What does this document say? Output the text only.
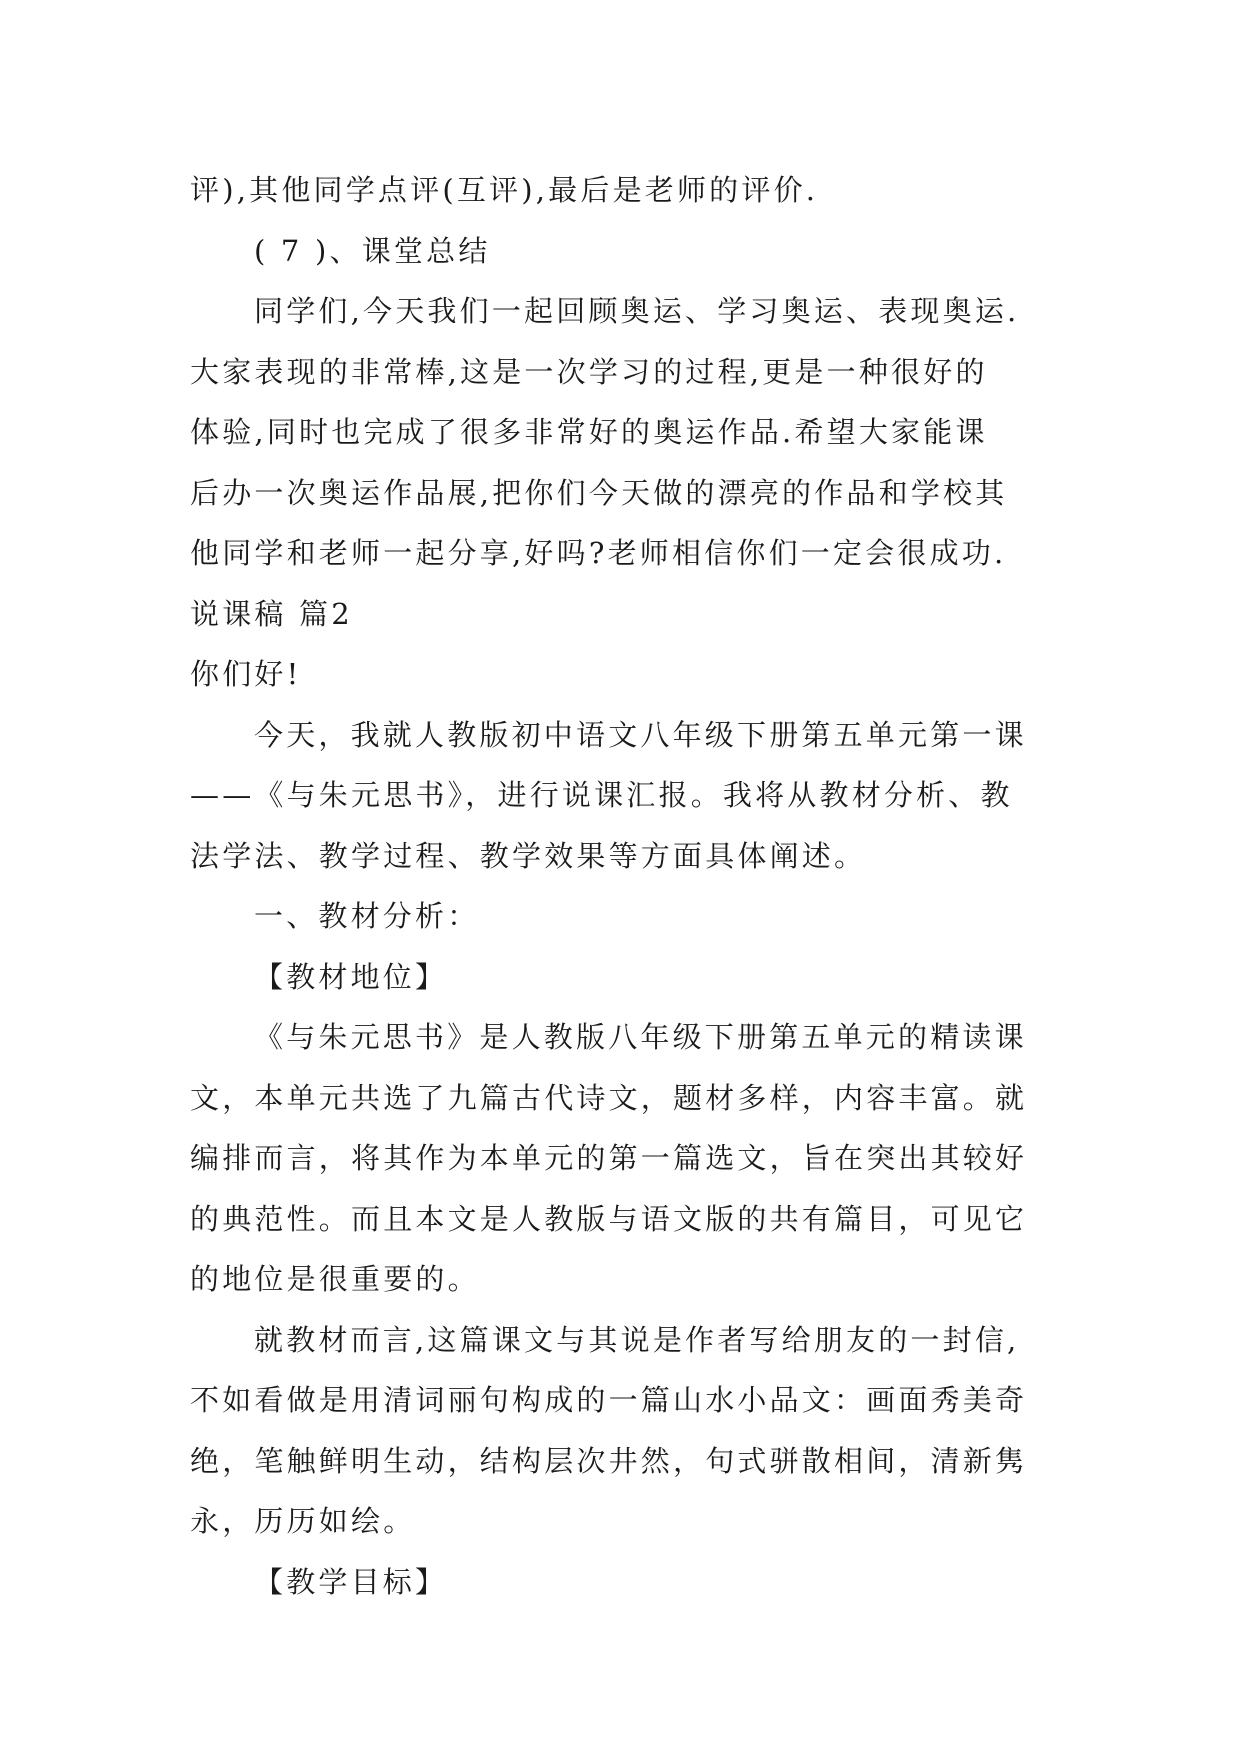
评),其他同学点评(互评),最后是老师的评价.
( 7 )、课堂总结
同学们,今天我们一起回顾奥运、学习奥运、表现奥运.
大家表现的非常棒,这是一次学习的过程,更是一种很好的
体验,同时也完成了很多非常好的奥运作品.希望大家能课
后办一次奥运作品展,把你们今天做的漂亮的作品和学校其
他同学和老师一起分享,好吗?老师相信你们一定会很成功.
说课稿 篇2
你们好!
今天，我就人教版初中语文八年级下册第五单元第一课
——《与朱元思书》，进行说课汇报。我将从教材分析、教
法学法、教学过程、教学效果等方面具体阐述。
一、教材分析：
【教材地位】
《与朱元思书》是人教版八年级下册第五单元的精读课
文，本单元共选了九篇古代诗文，题材多样，内容丰富。就
编排而言，将其作为本单元的第一篇选文，旨在突出其较好
的典范性。而且本文是人教版与语文版的共有篇目，可见它
的地位是很重要的。
就教材而言,这篇课文与其说是作者写给朋友的一封信,
不如看做是用清词丽句构成的一篇山水小品文：画面秀美奇
绝，笔触鲜明生动，结构层次井然，句式骈散相间，清新隽
永，历历如绘。
【教学目标】
